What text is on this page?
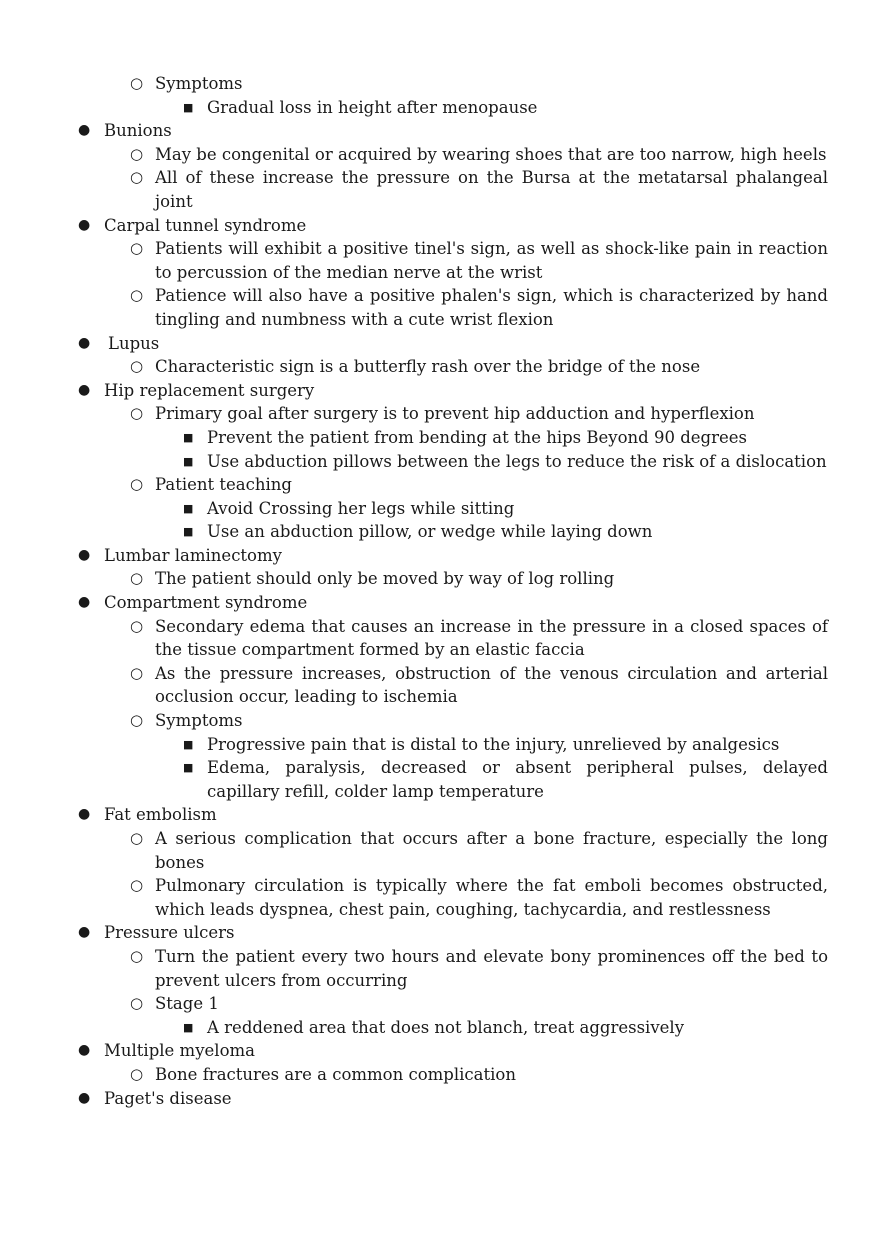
○ Symptoms
■ Gradual loss in height after menopause
● Bunions
○ May be congenital or acquired by wearing shoes that are too narrow, high heels
○ All of these increase the pressure on the Bursa at the metatarsal phalangeal joint
● Carpal tunnel syndrome
○ Patients will exhibit a positive tinel's sign, as well as shock-like pain in reaction to percussion of the median nerve at the wrist
○ Patience will also have a positive phalen's sign, which is characterized by hand tingling and numbness with a cute wrist flexion
● Lupus
○ Characteristic sign is a butterfly rash over the bridge of the nose
● Hip replacement surgery
○ Primary goal after surgery is to prevent hip adduction and hyperflexion
■ Prevent the patient from bending at the hips Beyond 90 degrees
■ Use abduction pillows between the legs to reduce the risk of a dislocation
○ Patient teaching
■ Avoid Crossing her legs while sitting
■ Use an abduction pillow, or wedge while laying down
● Lumbar laminectomy
○ The patient should only be moved by way of log rolling
● Compartment syndrome
○ Secondary edema that causes an increase in the pressure in a closed spaces of the tissue compartment formed by an elastic faccia
○ As the pressure increases, obstruction of the venous circulation and arterial occlusion occur, leading to ischemia
○ Symptoms
■ Progressive pain that is distal to the injury, unrelieved by analgesics
■ Edema, paralysis, decreased or absent peripheral pulses, delayed capillary refill, colder lamp temperature
● Fat embolism
○ A serious complication that occurs after a bone fracture, especially the long bones
○ Pulmonary circulation is typically where the fat emboli becomes obstructed, which leads dyspnea, chest pain, coughing, tachycardia, and restlessness
● Pressure ulcers
○ Turn the patient every two hours and elevate bony prominences off the bed to prevent ulcers from occurring
○ Stage 1
■ A reddened area that does not blanch, treat aggressively
● Multiple myeloma
○ Bone fractures are a common complication
● Paget's disease
